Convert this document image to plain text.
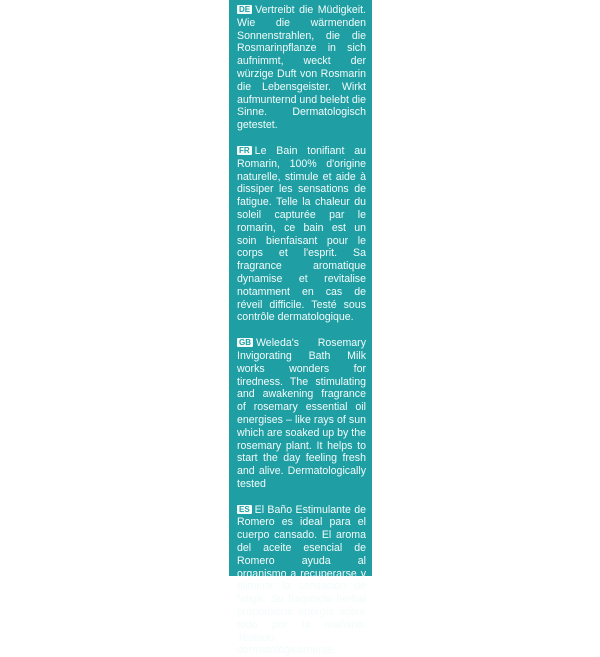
DE Vertreibt die Müdigkeit. Wie die wärmenden Sonnenstrahlen, die die Rosmarinpflanze in sich aufnimmt, weckt der würzige Duft von Rosmarin die Lebensgeister. Wirkt aufmunternd und belebt die Sinne. Dermatologisch getestet.

FR Le Bain tonifiant au Romarin, 100% d'origine naturelle, stimule et aide à dissiper les sensations de fatigue. Telle la chaleur du soleil capturée par le romarin, ce bain est un soin bienfaisant pour le corps et l'esprit. Sa fragrance aromatique dynamise et revitalise notamment en cas de réveil difficile. Testé sous contrôle dermatologique.

GB Weleda's Rosemary Invigorating Bath Milk works wonders for tiredness. The stimulating and awakening fragrance of rosemary essential oil energises – like rays of sun which are soaked up by the rosemary plant. It helps to start the day feeling fresh and alive. Dermatologically tested

ES El Baño Estimulante de Romero es ideal para el cuerpo cansado. El aroma del aceite esencial de Romero ayuda al organismo a recuperarse y eliminar la sensación de fatiga. Su fragancia herbal proporciona energía sobre todo por la mañana. Testado dermatológicamente.
